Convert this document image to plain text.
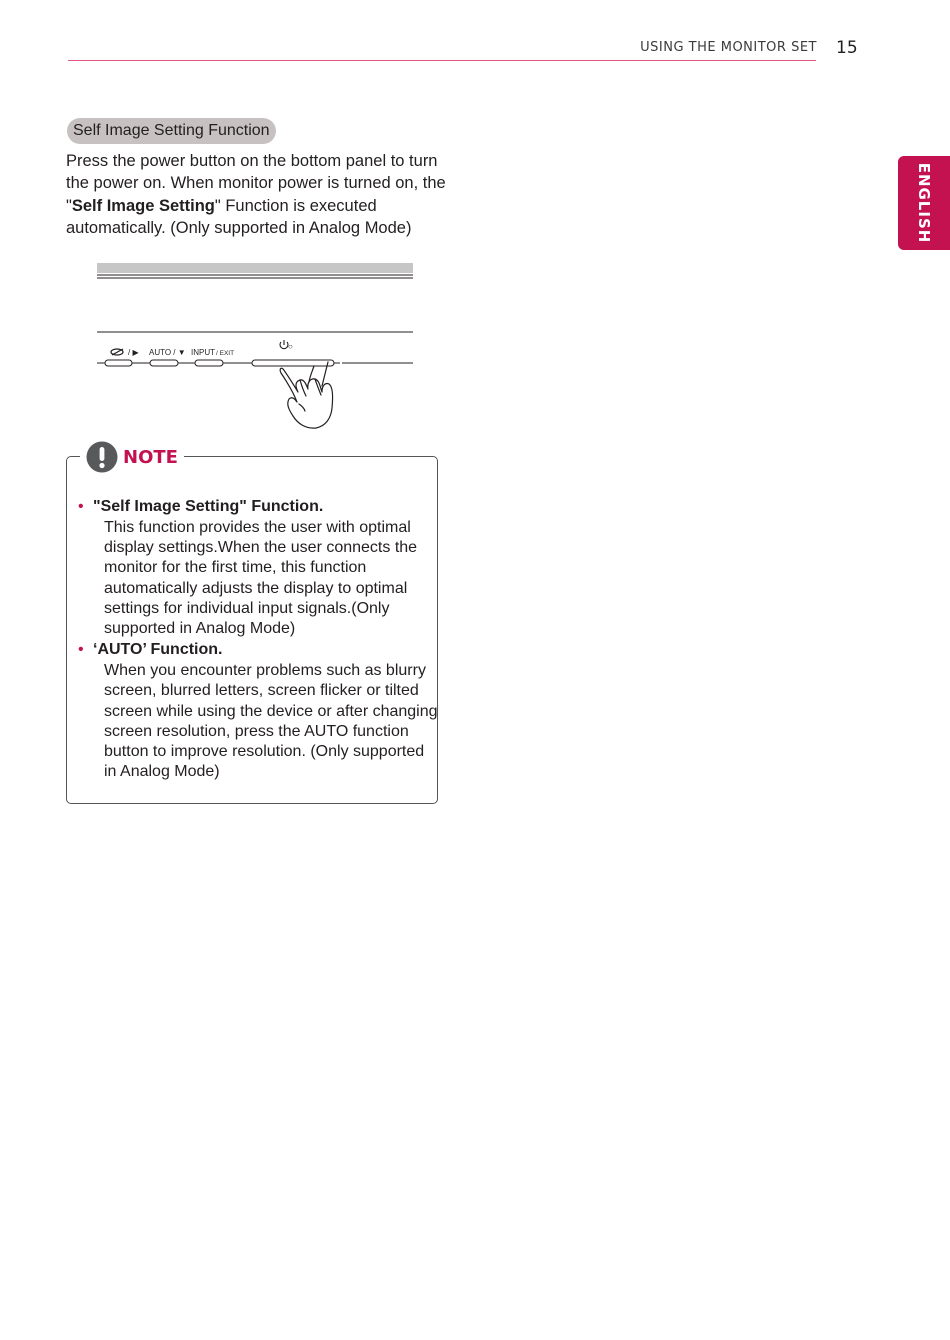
USING THE MONITOR SET 15
ENGLISH
Self Image Setting Function

Press the power button on the bottom panel to turn the power on. When monitor power is turned on, the "Self Image Setting" Function is executed automatically. (Only supported in Analog Mode)

/ ▶ AUTO / ▼ INPUT / EXIT
○
NOTE
• "Self Image Setting" Function.

This function provides the user with optimal display settings.When the user connects the monitor for the first time, this function automatically adjusts the display to optimal settings for individual input signals.(Only supported in Analog Mode)

• ‘AUTO’ Function.

When you encounter problems such as blurry screen, blurred letters, screen flicker or tilted screen while using the device or after changing screen resolution, press the AUTO function button to improve resolution. (Only supported in Analog Mode)
